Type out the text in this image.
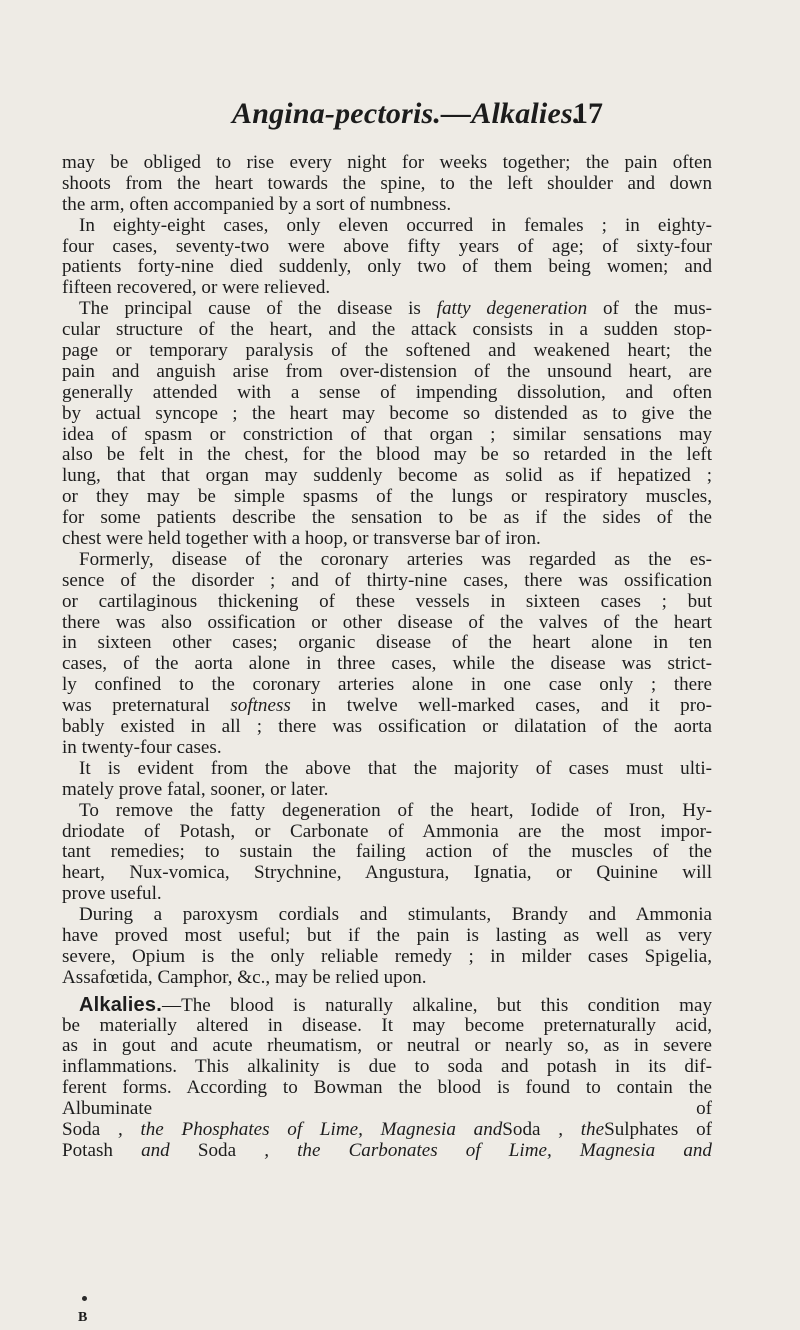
Angina-pectoris.—Alkalies.
17
may be obliged to rise every night for weeks together; the pain often
shoots from the heart towards the spine, to the left shoulder and down
the arm, often accompanied by a sort of numbness.
In eighty-eight cases, only eleven occurred in females ; in eighty-
four cases, seventy-two were above fifty years of age; of sixty-four
patients forty-nine died suddenly, only two of them being women; and
fifteen recovered, or were relieved.
The principal cause of the disease is fatty degeneration of the mus-
cular structure of the heart, and the attack consists in a sudden stop-
page or temporary paralysis of the softened and weakened heart; the
pain and anguish arise from over-distension of the unsound heart, are
generally attended with a sense of impending dissolution, and often
by actual syncope ; the heart may become so distended as to give the
idea of spasm or constriction of that organ ; similar sensations may
also be felt in the chest, for the blood may be so retarded in the left
lung, that that organ may suddenly become as solid as if hepatized ;
or they may be simple spasms of the lungs or respiratory muscles,
for some patients describe the sensation to be as if the sides of the
chest were held together with a hoop, or transverse bar of iron.
Formerly, disease of the coronary arteries was regarded as the es-
sence of the disorder ; and of thirty-nine cases, there was ossification
or cartilaginous thickening of these vessels in sixteen cases ; but
there was also ossification or other disease of the valves of the heart
in sixteen other cases; organic disease of the heart alone in ten
cases, of the aorta alone in three cases, while the disease was strict-
ly confined to the coronary arteries alone in one case only ; there
was preternatural softness in twelve well-marked cases, and it pro-
bably existed in all ; there was ossification or dilatation of the aorta
in twenty-four cases.
It is evident from the above that the majority of cases must ulti-
mately prove fatal, sooner, or later.
To remove the fatty degeneration of the heart, Iodide of Iron, Hy-
driodate of Potash, or Carbonate of Ammonia are the most impor-
tant remedies; to sustain the failing action of the muscles of the
heart, Nux-vomica, Strychnine, Angustura, Ignatia, or Quinine will
prove useful.
During a paroxysm cordials and stimulants, Brandy and Ammonia
have proved most useful; but if the pain is lasting as well as very
severe, Opium is the only reliable remedy ; in milder cases Spigelia,
Assafœtida, Camphor, &c., may be relied upon.
Alkalies.—The blood is naturally alkaline, but this condition may
be materially altered in disease. It may become preternaturally acid,
as in gout and acute rheumatism, or neutral or nearly so, as in severe
inflammations. This alkalinity is due to soda and potash in its dif-
ferent forms. According to Bowman the blood is found to contain the
Albuminate of
Soda , the Phosphates of Lime, Magnesia andSoda , theSulphates of
Potash and Soda , the Carbonates of Lime, Magnesia and
B
